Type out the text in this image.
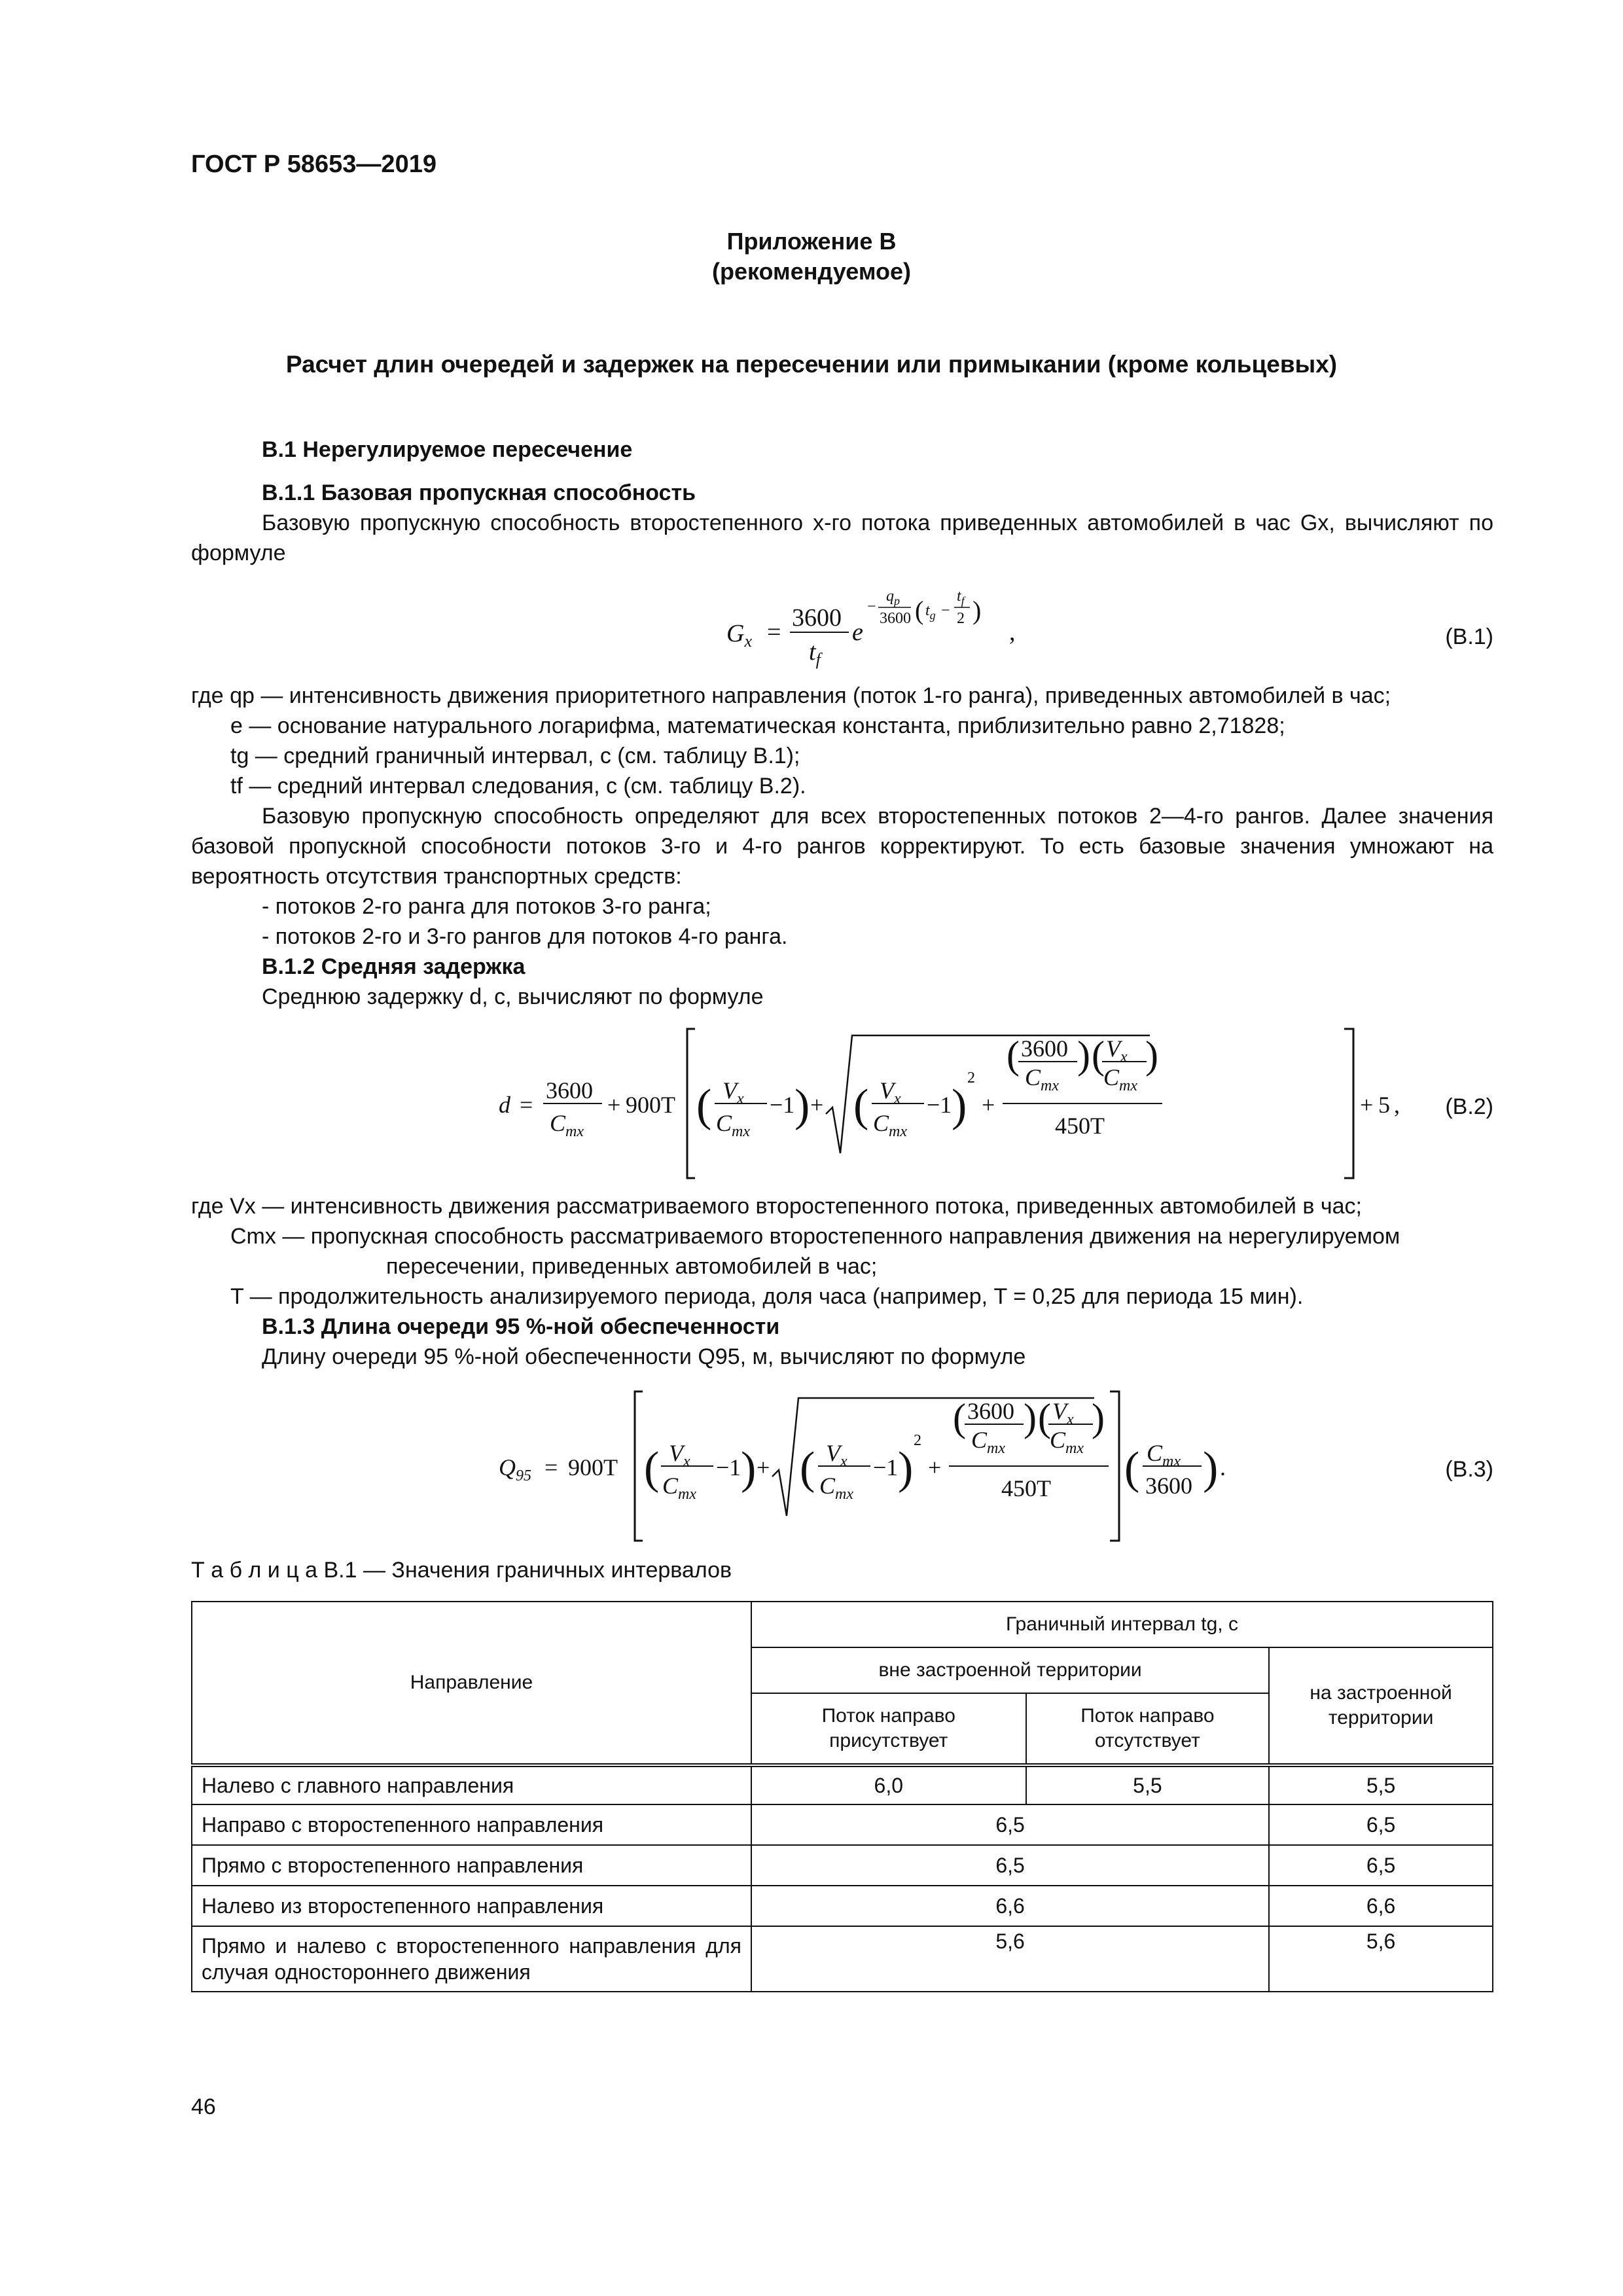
ГОСТ Р 58653—2019
Приложение В
(рекомендуемое)
Расчет длин очередей и задержек на пересечении или примыкании (кроме кольцевых)
В.1 Нерегулируемое пересечение
В.1.1 Базовая пропускная способность
Базовую пропускную способность второстепенного x-го потока приведенных автомобилей в час Gx, вычисляют по формуле
$G_x$ =
3600
$t_f$
e
−
$q_p$
3600 ( $t_g$ −
$t_f$
2 )
,	(В.1)
где qp — интенсивность движения приоритетного направления (поток 1-го ранга), приведенных автомобилей в час;
e — основание натурального логарифма, математическая константа, приблизительно равно 2,71828;
tg — средний граничный интервал, с (см. таблицу В.1);
tf — средний интервал следования, с (см. таблицу В.2).
Базовую пропускную способность определяют для всех второстепенных потоков 2—4-го рангов. Далее значения базовой пропускной способности потоков 3-го и 4-го рангов корректируют. То есть базовые значения умножают на вероятность отсутствия транспортных средств:
- потоков 2-го ранга для потоков 3-го ранга;
- потоков 2-го и 3-го рангов для потоков 4-го ранга.
В.1.2 Средняя задержка
Среднюю задержку d, с, вычисляют по формуле
d =
3600
$C_{mx}$
+ 900T ( $V_x$
$C_{mx}$
−1 ) + ( $V_x$
$C_{mx}$
−1 )
2
+
( 3600
$C_{mx}$
) ( $V_x$
$C_{mx}$
)
450T
+ 5 , (В.2)
где Vx — интенсивность движения рассматриваемого второстепенного потока, приведенных автомобилей в час;
Cmx — пропускная способность рассматриваемого второстепенного направления движения на нерегулируемом
пересечении, приведенных автомобилей в час;
T — продолжительность анализируемого периода, доля часа (например, T = 0,25 для периода 15 мин).
В.1.3 Длина очереди 95 %-ной обеспеченности
Длину очереди 95 %-ной обеспеченности Q95, м, вычисляют по формуле
$Q_{95} = 900T$ ( $V_x$
$C_{mx}$
−1 ) + ( $V_x$
$C_{mx}$
−1 )
2
+
( 3600
$C_{mx}$
) ( $V_x$
$C_{mx}$
)
450T ( $C_{mx}$
3600 ) .	(В.3)
Т а б л и ц а В.1 — Значения граничных интервалов
Направление	Граничный интервал tg, с		
	вне застроенной территории		на застроенной территории
	Поток направо присутствует	Поток направо отсутствует	
Налево с главного направления	6,0	5,5	5,5
Направо с второстепенного направления	6,5		6,5
Прямо с второстепенного направления	6,5		6,5
Налево из второстепенного направления	6,6		6,6
Прямо и налево с второстепенного направления для случая одностороннего движения	5,6		5,6
46
